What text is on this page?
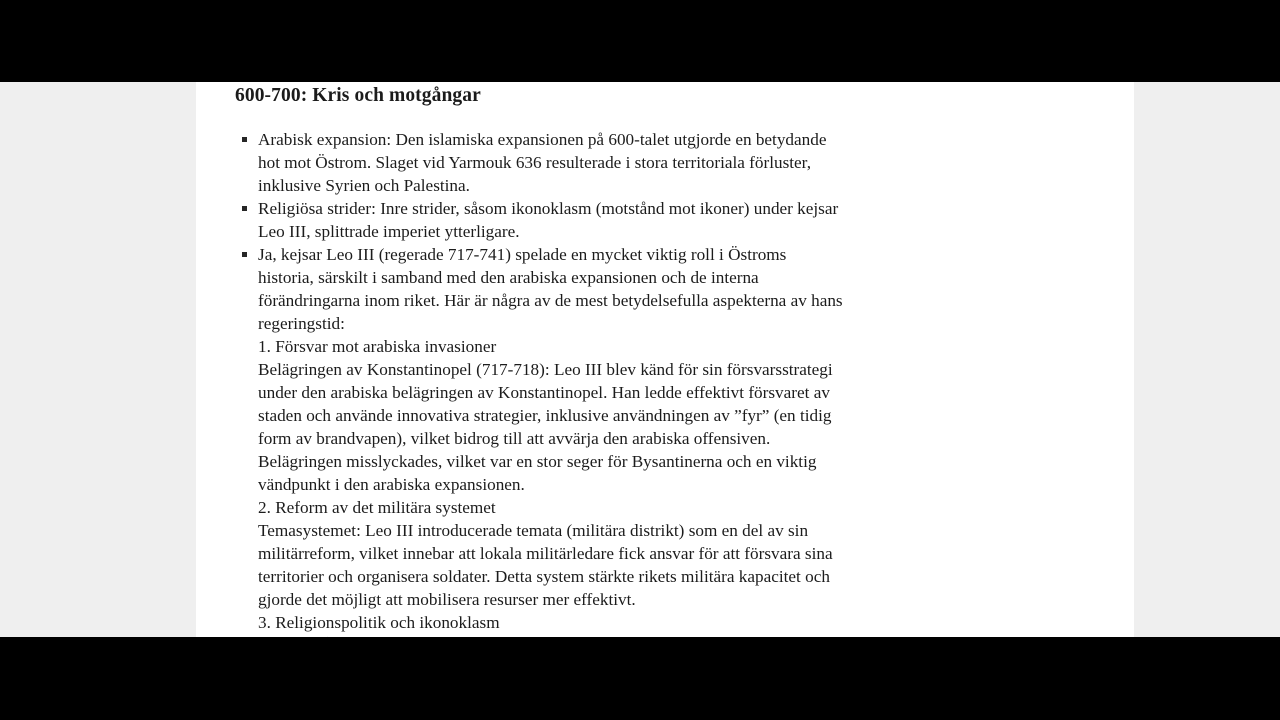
600-700: Kris och motgångar
Arabisk expansion: Den islamiska expansionen på 600-talet utgjorde en betydande hot mot Östrom. Slaget vid Yarmouk 636 resulterade i stora territoriala förluster, inklusive Syrien och Palestina.
Religiösa strider: Inre strider, såsom ikonoklasm (motstånd mot ikoner) under kejsar Leo III, splittrade imperiet ytterligare.
Ja, kejsar Leo III (regerade 717-741) spelade en mycket viktig roll i Östroms historia, särskilt i samband med den arabiska expansionen och de interna förändringarna inom riket. Här är några av de mest betydelsefulla aspekterna av hans regeringstid:
1. Försvar mot arabiska invasioner
Belägringen av Konstantinopel (717-718): Leo III blev känd för sin försvarsstrategi under den arabiska belägringen av Konstantinopel. Han ledde effektivt försvaret av staden och använde innovativa strategier, inklusive användningen av ”fyr” (en tidig form av brandvapen), vilket bidrog till att avvärja den arabiska offensiven. Belägringen misslyckades, vilket var en stor seger för Bysantinerna och en viktig vändpunkt i den arabiska expansionen.
2. Reform av det militära systemet
Temasystemet: Leo III introducerade temata (militära distrikt) som en del av sin militärreform, vilket innebar att lokala militärledare fick ansvar för att försvara sina territorier och organisera soldater. Detta system stärkte rikets militära kapacitet och gjorde det möjligt att mobilisera resurser mer effektivt.
3. Religionspolitik och ikonoklasm
